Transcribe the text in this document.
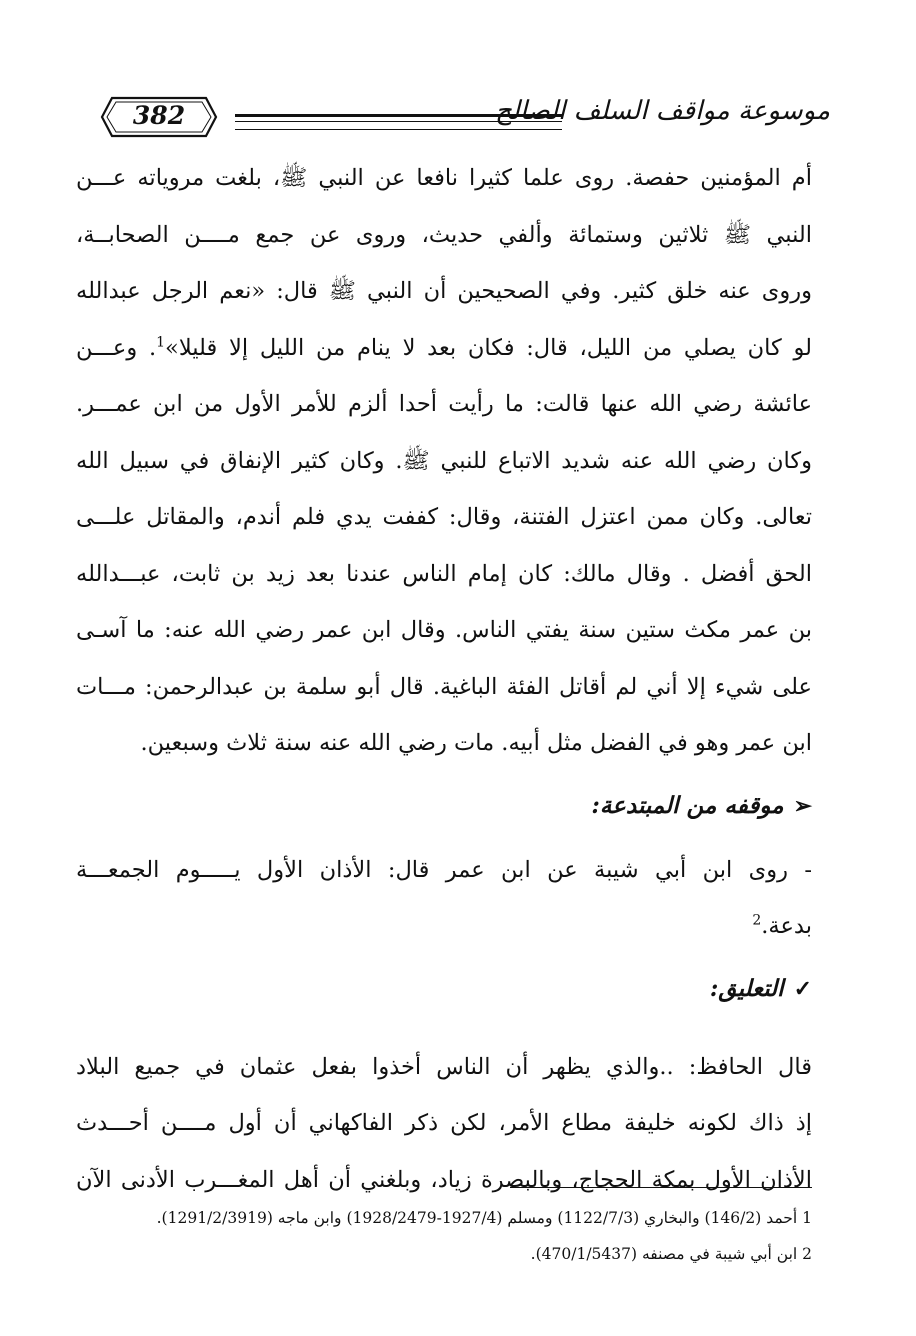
موسوعة مواقف السلف الصالح
382
أم المؤمنين حفصة. روى علما كثيرا نافعا عن النبي ﷺ، بلغت مروياته عـــن
النبي ﷺ ثلاثين وستمائة وألفي حديث، وروى عن جمع مــــن الصحابــة،
وروى عنه خلق كثير. وفي الصحيحين أن النبي ﷺ قال: «نعم الرجل عبدالله
لو كان يصلي من الليل، قال: فكان بعد لا ينام من الليل إلا قليلا»$^1$. وعـــن
عائشة رضي الله عنها قالت: ما رأيت أحدا ألزم للأمر الأول من ابن عمـــر.
وكان رضي الله عنه شديد الاتباع للنبي ﷺ. وكان كثير الإنفاق في سبيل الله
تعالى. وكان ممن اعتزل الفتنة، وقال: كففت يدي فلم أندم، والمقاتل علـــى
الحق أفضل . وقال مالك: كان إمام الناس عندنا بعد زيد بن ثابت، عبـــدالله
بن عمر مكث ستين سنة يفتي الناس. وقال ابن عمر رضي الله عنه: ما آسـى
على شيء إلا أني لم أقاتل الفئة الباغية. قال أبو سلمة بن عبدالرحمن: مـــات
ابن عمر وهو في الفضل مثل أبيه. مات رضي الله عنه سنة ثلاث وسبعين.
➢موقفه من المبتدعة:
- روى ابن أبي شيبة عن ابن عمر قال: الأذان الأول يـــــوم الجمعـــة
بدعة.$^2$
✓التعليق:
قال الحافظ: ..والذي يظهر أن الناس أخذوا بفعل عثمان في جميع البلاد
إذ ذاك لكونه خليفة مطاع الأمر، لكن ذكر الفاكهاني أن أول مــــن أحـــدث
الأذان الأول بمكة الحجاج، وبالبصرة زياد، وبلغني أن أهل المغـــرب الأدنى الآن
1 أحمد (146/2) والبخاري (1122/7/3) ومسلم (1927/4-1928/2479) وابن ماجه (1291/2/3919).
2 ابن أبي شيبة في مصنفه (470/1/5437).
